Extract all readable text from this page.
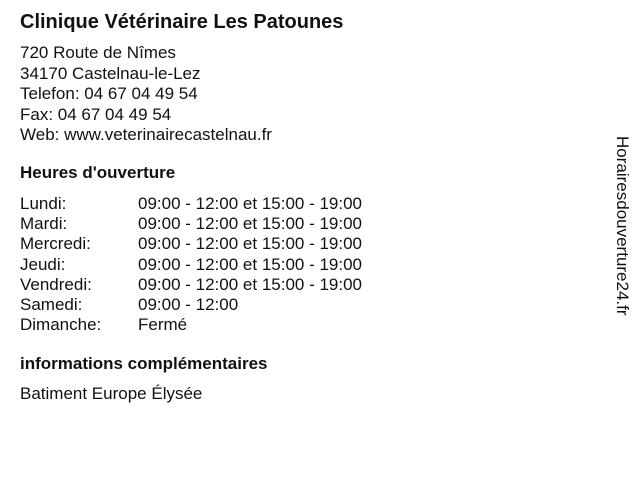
Clinique Vétérinaire Les Patounes
720 Route de Nîmes
34170 Castelnau-le-Lez
Telefon: 04 67 04 49 54
Fax: 04 67 04 49 54
Web: www.veterinairecastelnau.fr
Heures d'ouverture
Lundi:	09:00 - 12:00 et 15:00 - 19:00
Mardi:	09:00 - 12:00 et 15:00 - 19:00
Mercredi:	09:00 - 12:00 et 15:00 - 19:00
Jeudi:	09:00 - 12:00 et 15:00 - 19:00
Vendredi:	09:00 - 12:00 et 15:00 - 19:00
Samedi:	09:00 - 12:00
Dimanche: Fermé
informations complémentaires
Batiment Europe Élysée
Horairesdouverture24.fr
